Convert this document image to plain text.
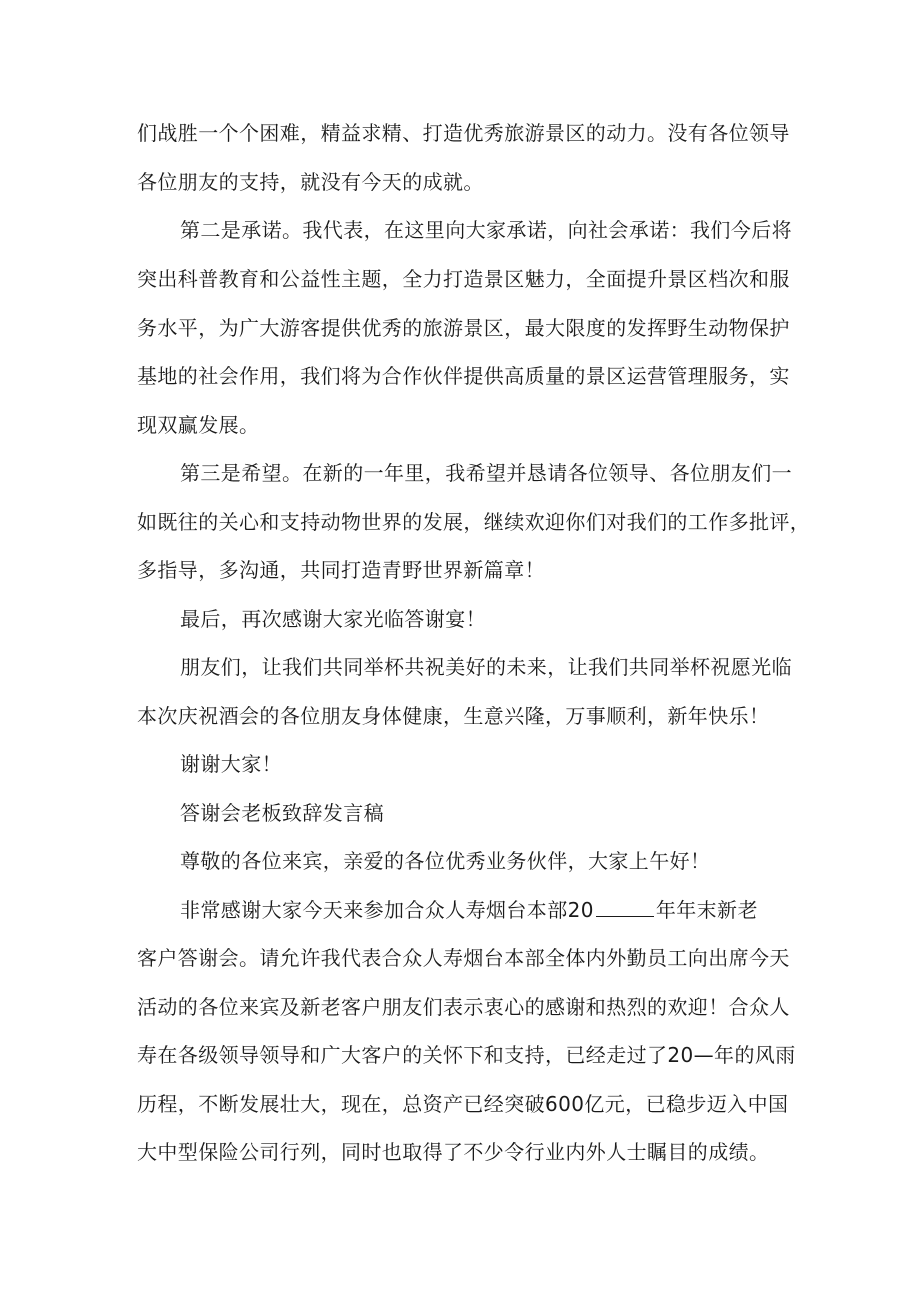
们战胜一个个困难，精益求精、打造优秀旅游景区的动力。没有各位领导
各位朋友的支持，就没有今天的成就。
第二是承诺。我代表，在这里向大家承诺，向社会承诺：我们今后将
突出科普教育和公益性主题，全力打造景区魅力，全面提升景区档次和服
务水平，为广大游客提供优秀的旅游景区，最大限度的发挥野生动物保护
基地的社会作用，我们将为合作伙伴提供高质量的景区运营管理服务，实
现双赢发展。
第三是希望。在新的一年里，我希望并恳请各位领导、各位朋友们一
如既往的关心和支持动物世界的发展，继续欢迎你们对我们的工作多批评，
多指导，多沟通，共同打造青野世界新篇章！
最后，再次感谢大家光临答谢宴！
朋友们，让我们共同举杯共祝美好的未来，让我们共同举杯祝愿光临
本次庆祝酒会的各位朋友身体健康，生意兴隆，万事顺利，新年快乐！
谢谢大家！
答谢会老板致辞发言稿
尊敬的各位来宾，亲爱的各位优秀业务伙伴，大家上午好！
非常感谢大家今天来参加合众人寿烟台本部20	年年末新老
客户答谢会。请允许我代表合众人寿烟台本部全体内外勤员工向出席今天
活动的各位来宾及新老客户朋友们表示衷心的感谢和热烈的欢迎！合众人
寿在各级领导领导和广大客户的关怀下和支持，已经走过了20—年的风雨
历程，不断发展壮大，现在，总资产已经突破600亿元，已稳步迈入中国
大中型保险公司行列，同时也取得了不少令行业内外人士瞩目的成绩。
